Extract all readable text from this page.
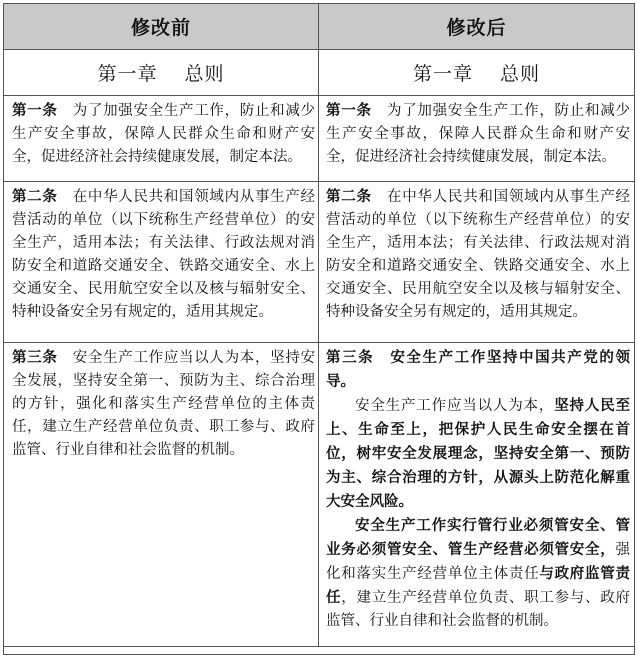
修改前	修改后
第一章　 总则	第一章　 总则

第一条　为了加强安全生产工作，防止和减少生产安全事故，保障人民群众生命和财产安全，促进经济社会持续健康发展，制定本法。

第一条　为了加强安全生产工作，防止和减少生产安全事故，保障人民群众生命和财产安全，促进经济社会持续健康发展，制定本法。

第二条　在中华人民共和国领域内从事生产经营活动的单位（以下统称生产经营单位）的安全生产，适用本法；有关法律、行政法规对消防安全和道路交通安全、铁路交通安全、水上交通安全、民用航空安全以及核与辐射安全、特种设备安全另有规定的，适用其规定。

第二条　在中华人民共和国领域内从事生产经营活动的单位（以下统称生产经营单位）的安全生产，适用本法；有关法律、行政法规对消防安全和道路交通安全、铁路交通安全、水上交通安全、民用航空安全以及核与辐射安全、特种设备安全另有规定的，适用其规定。

第三条　安全生产工作应当以人为本，坚持安全发展，坚持安全第一、预防为主、综合治理的方针，强化和落实生产经营单位的主体责任，建立生产经营单位负责、职工参与、政府监管、行业自律和社会监督的机制。

第三条　安全生产工作坚持中国共产党的领导。

安全生产工作应当以人为本，坚持人民至上、生命至上，把保护人民生命安全摆在首位，树牢安全发展理念，坚持安全第一、预防为主、综合治理的方针，从源头上防范化解重大安全风险。

安全生产工作实行管行业必须管安全、管业务必须管安全、管生产经营必须管安全，强化和落实生产经营单位主体责任与政府监管责任，建立生产经营单位负责、职工参与、政府监管、行业自律和社会监督的机制。
